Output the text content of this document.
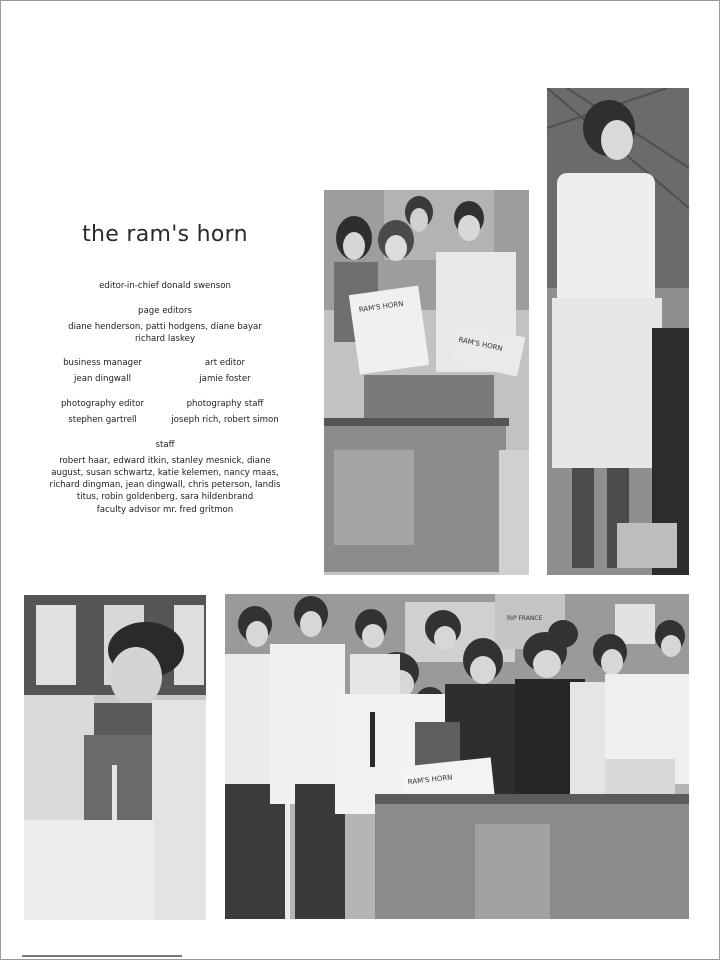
the ram's horn
editor-in-chief donald swenson
page editors
diane henderson, patti hodgens, diane bayar
richard laskey
business manager
jean dingwall
art editor
jamie foster
photography editor
stephen gartrell
photography staff
joseph rich, robert simon
staff
robert haar, edward itkin, stanley mesnick, diane
august, susan schwartz, katie kelemen, nancy maas,
richard dingman, jean dingwall, chris peterson, landis
titus, robin goldenberg, sara hildenbrand
faculty advisor mr. fred gritmon
RAM'S HORN
RAM'S HORN
RIP FRANCE
RAM'S HORN
